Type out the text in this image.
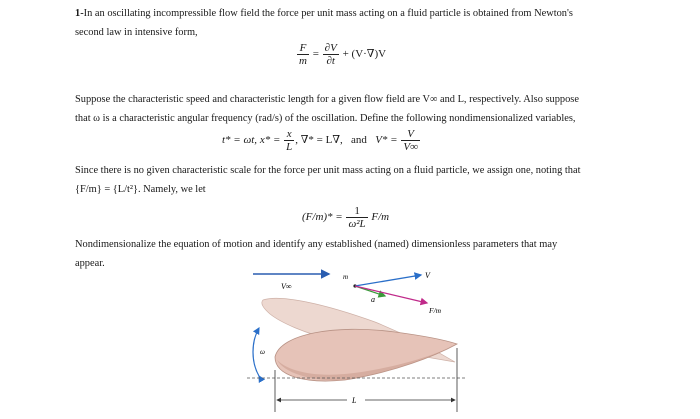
1-In an oscillating incompressible flow field the force per unit mass acting on a fluid particle is obtained from Newton's
second law in intensive form,
$\frac{F}{m} = \frac{\partial V}{\partial t} + (V\cdot\nabla)V$
Suppose the characteristic speed and characteristic length for a given flow field are V∞ and L, respectively. Also suppose
that ω is a characteristic angular frequency (rad/s) of the oscillation. Define the following nondimensionalized variables,
t* = ωt, $x* = \frac{x}{L}$ , ∇* = L∇, and $V* = \frac{V}{V\infty}$
Since there is no given characteristic scale for the force per unit mass acting on a fluid particle, we assign one, noting that
{F/m} = {L/t²}. Namely, we let
$(F/m)* = \frac{1}{\text{ω²L}} F/m$
Nondimensionalize the equation of motion and identify any established (named) dimensionless parameters that may
appear.
V∞
m	V
a
F/m
ω
L
